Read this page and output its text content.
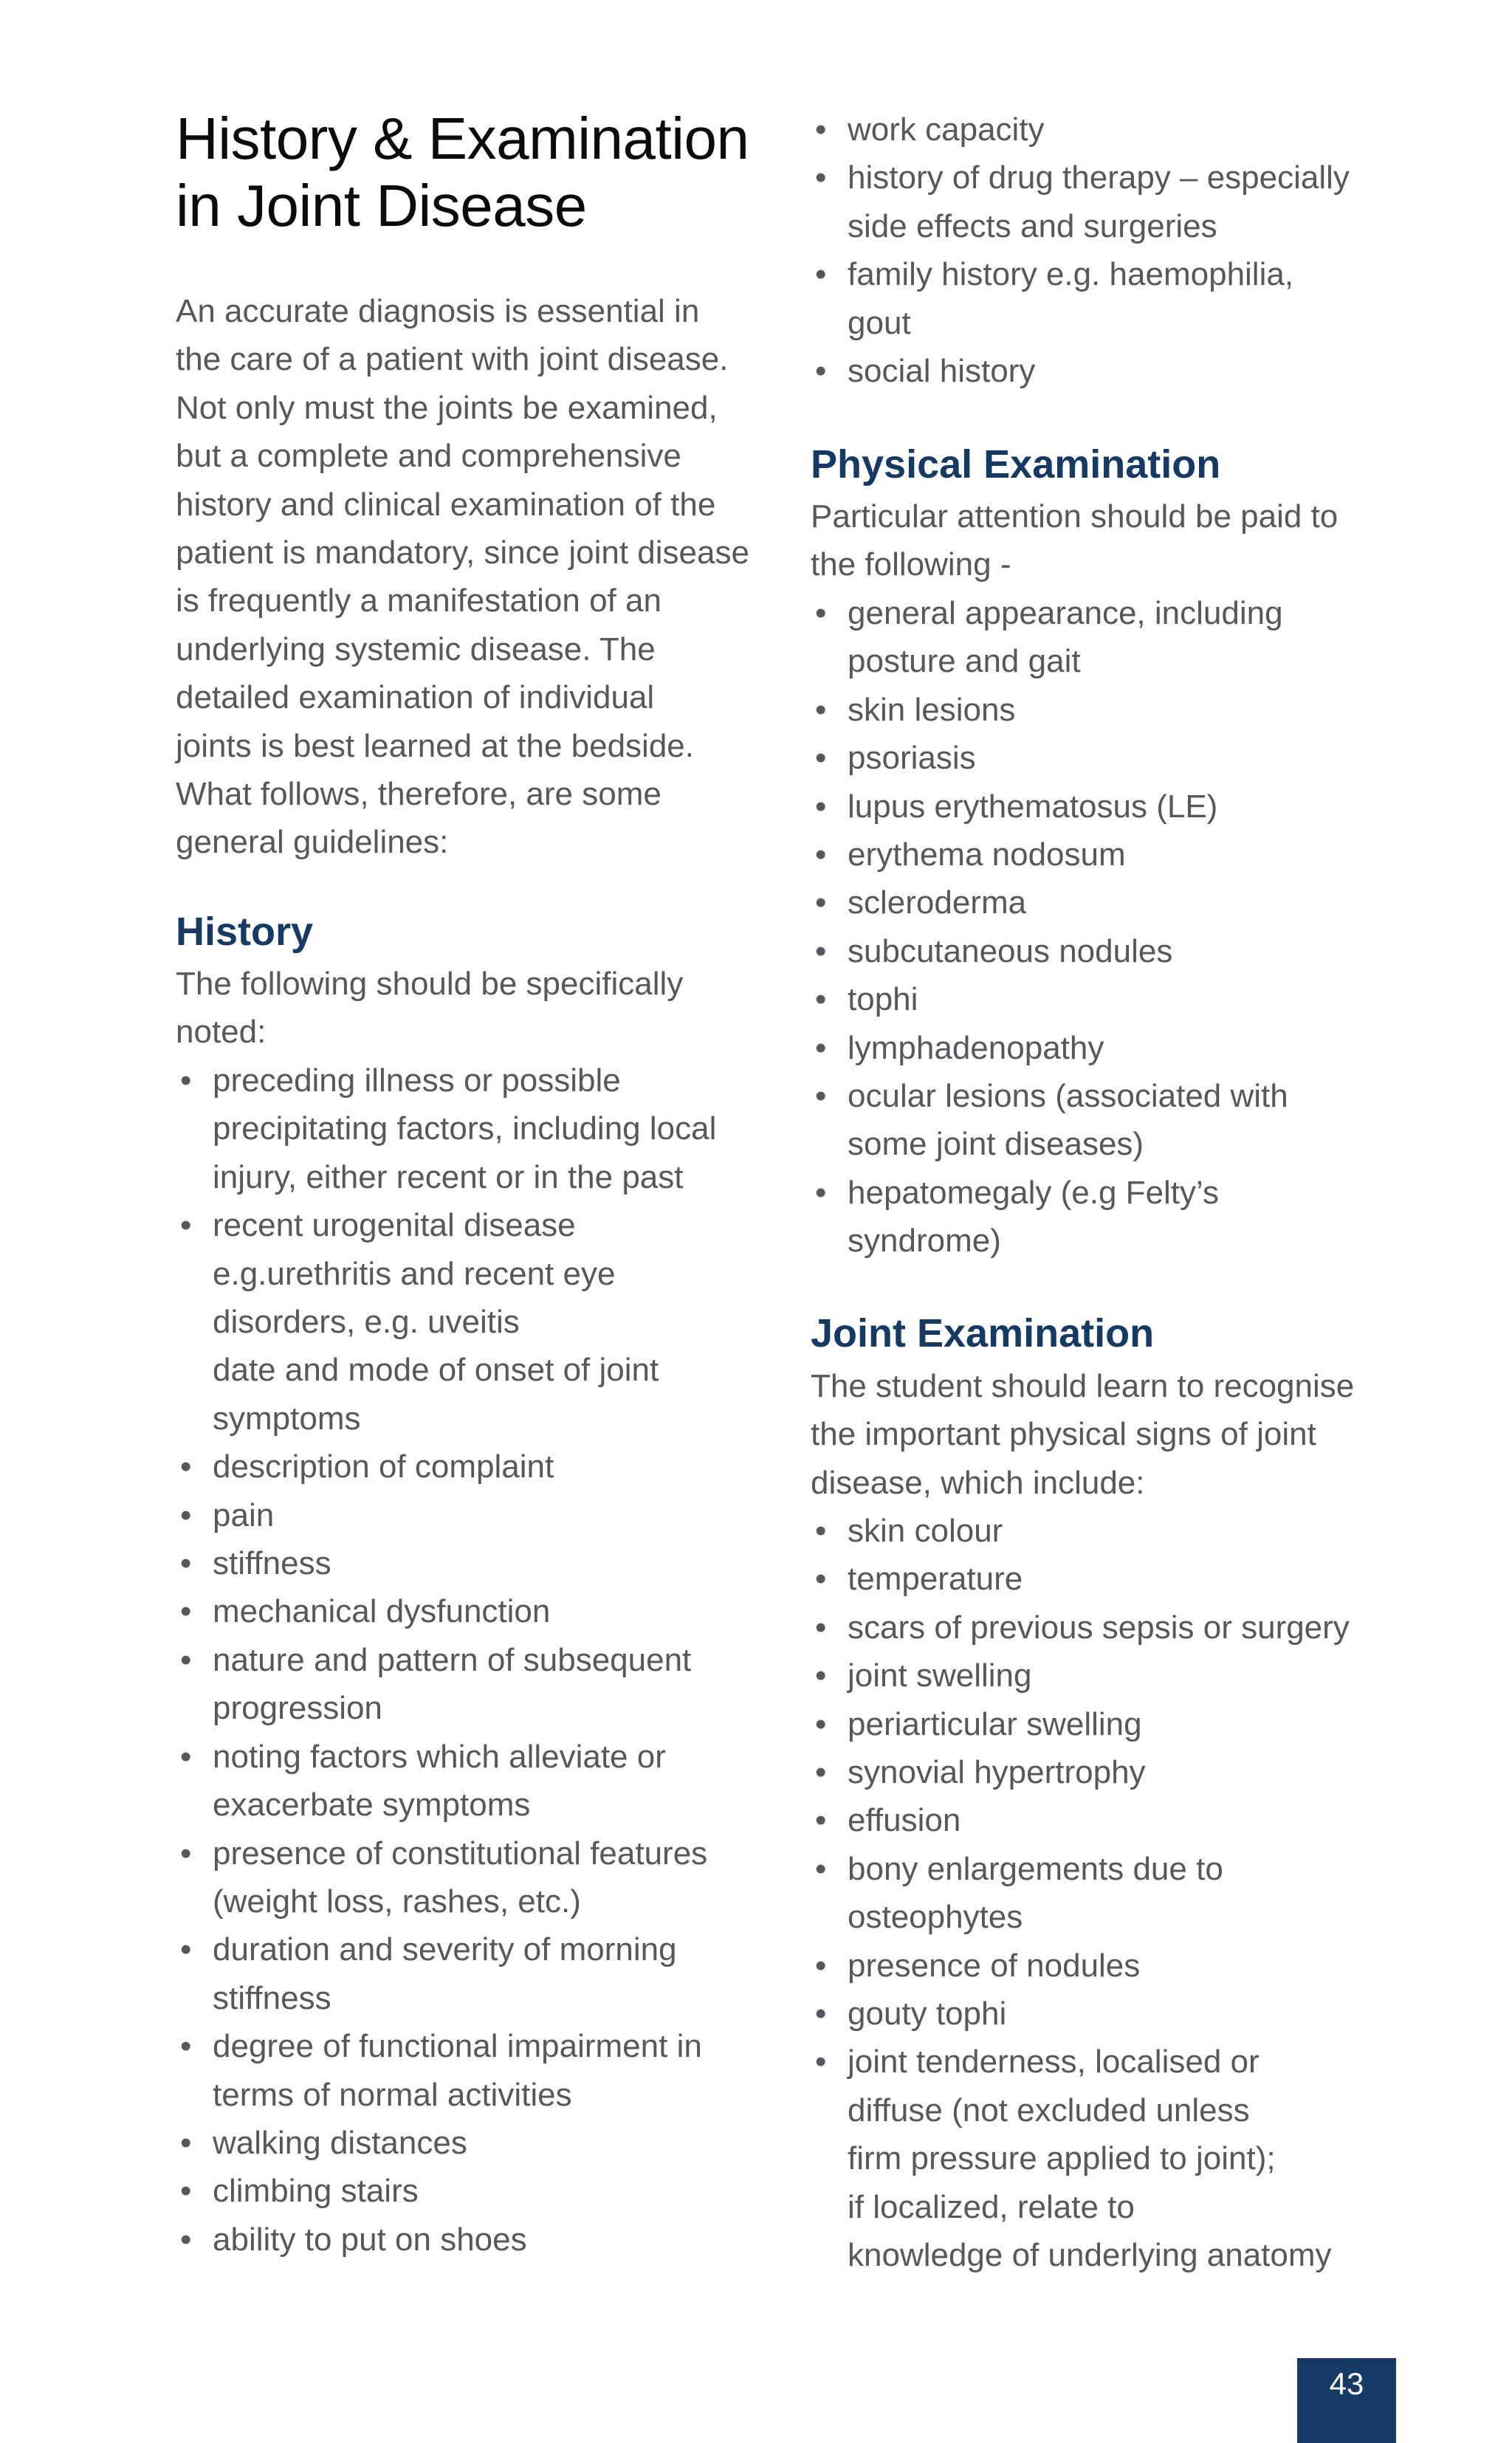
History & Examination
in Joint Disease

An accurate diagnosis is essential in
the care of a patient with joint disease.
Not only must the joints be examined,
but a complete and comprehensive
history and clinical examination of the
patient is mandatory, since joint disease
is frequently a manifestation of an
underlying systemic disease. The
detailed examination of individual
joints is best learned at the bedside.
What follows, therefore, are some
general guidelines:

History

The following should be specifically
noted:

• preceding illness or possible
precipitating factors, including local
injury, either recent or in the past
• recent urogenital disease
e.g.urethritis and recent eye
disorders, e.g. uveitis
date and mode of onset of joint
symptoms
• description of complaint
• pain
• stiffness
• mechanical dysfunction
• nature and pattern of subsequent
progression
• noting factors which alleviate or
exacerbate symptoms
• presence of constitutional features
(weight loss, rashes, etc.)
• duration and severity of morning
stiffness
• degree of functional impairment in
terms of normal activities
• walking distances
• climbing stairs
• ability to put on shoes
• work capacity
• history of drug therapy – especially
side effects and surgeries
• family history e.g. haemophilia,
gout
• social history
Physical Examination

Particular attention should be paid to
the following -

• general appearance, including
posture and gait
• skin lesions
• psoriasis
• lupus erythematosus (LE)
• erythema nodosum
• scleroderma
• subcutaneous nodules
• tophi
• lymphadenopathy
• ocular lesions (associated with
some joint diseases)
• hepatomegaly (e.g Felty’s
syndrome)
Joint Examination

The student should learn to recognise
the important physical signs of joint
disease, which include:

• skin colour
• temperature
• scars of previous sepsis or surgery
• joint swelling
• periarticular swelling
• synovial hypertrophy
• effusion
• bony enlargements due to
osteophytes
• presence of nodules
• gouty tophi
• joint tenderness, localised or
diffuse (not excluded unless
firm pressure applied to joint);
if localized, relate to
knowledge of underlying anatomy
43
